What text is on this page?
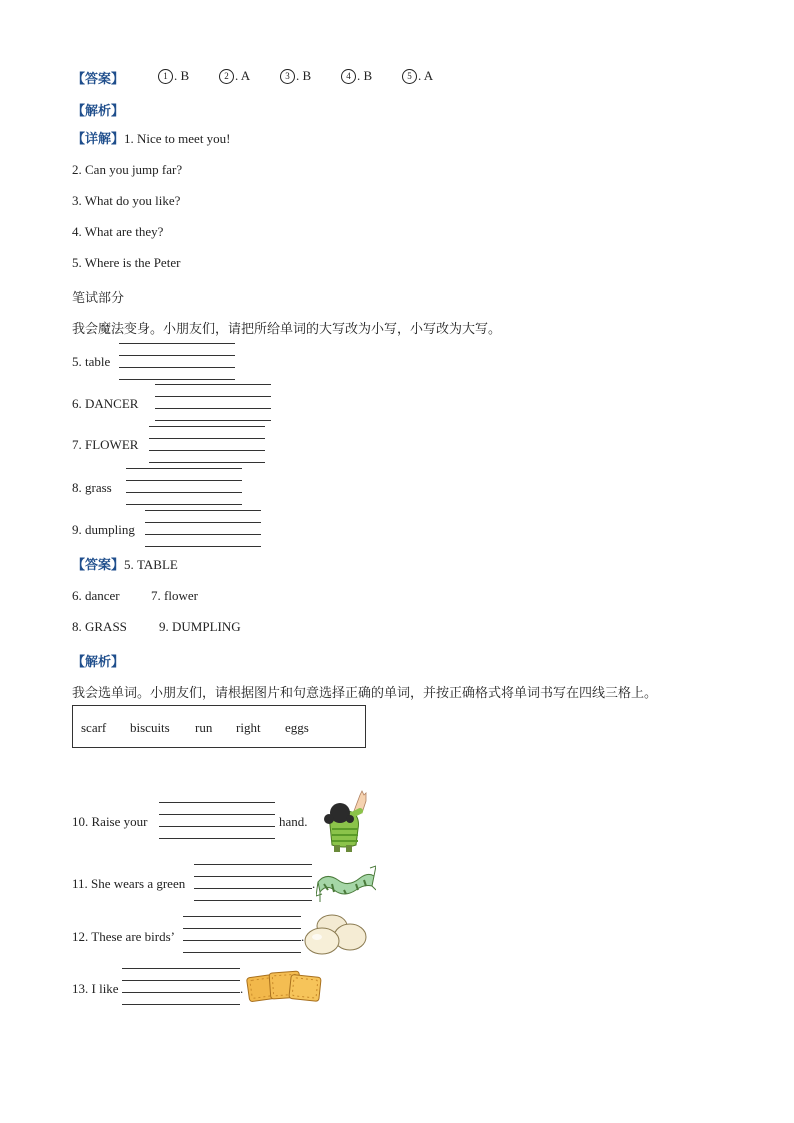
【答案】	1 . B	2 . A	3 . B	4 . B	5 . A
【解析】
【详解】1. Nice to meet you!
2. Can you jump far?
3. What do you like?
4. What are they?
5. Where is the Peter
笔试部分
我会魔法变身。小朋友们，请把所给单词的大写改为小写，小写改为大写。
5. table
6. DANCER
7. FLOWER
8. grass
9. dumpling
【答案】5. TABLE
6. dancer 7. flower
8. GRASS 9. DUMPLING
【解析】
我会选单词。小朋友们，请根据图片和句意选择正确的单词，并按正确格式将单词书写在四线三格上。
scarf biscuits run right eggs
10. Raise your	hand.
11. She wears a green	.
12. These are birds’	.
13. I like	.
